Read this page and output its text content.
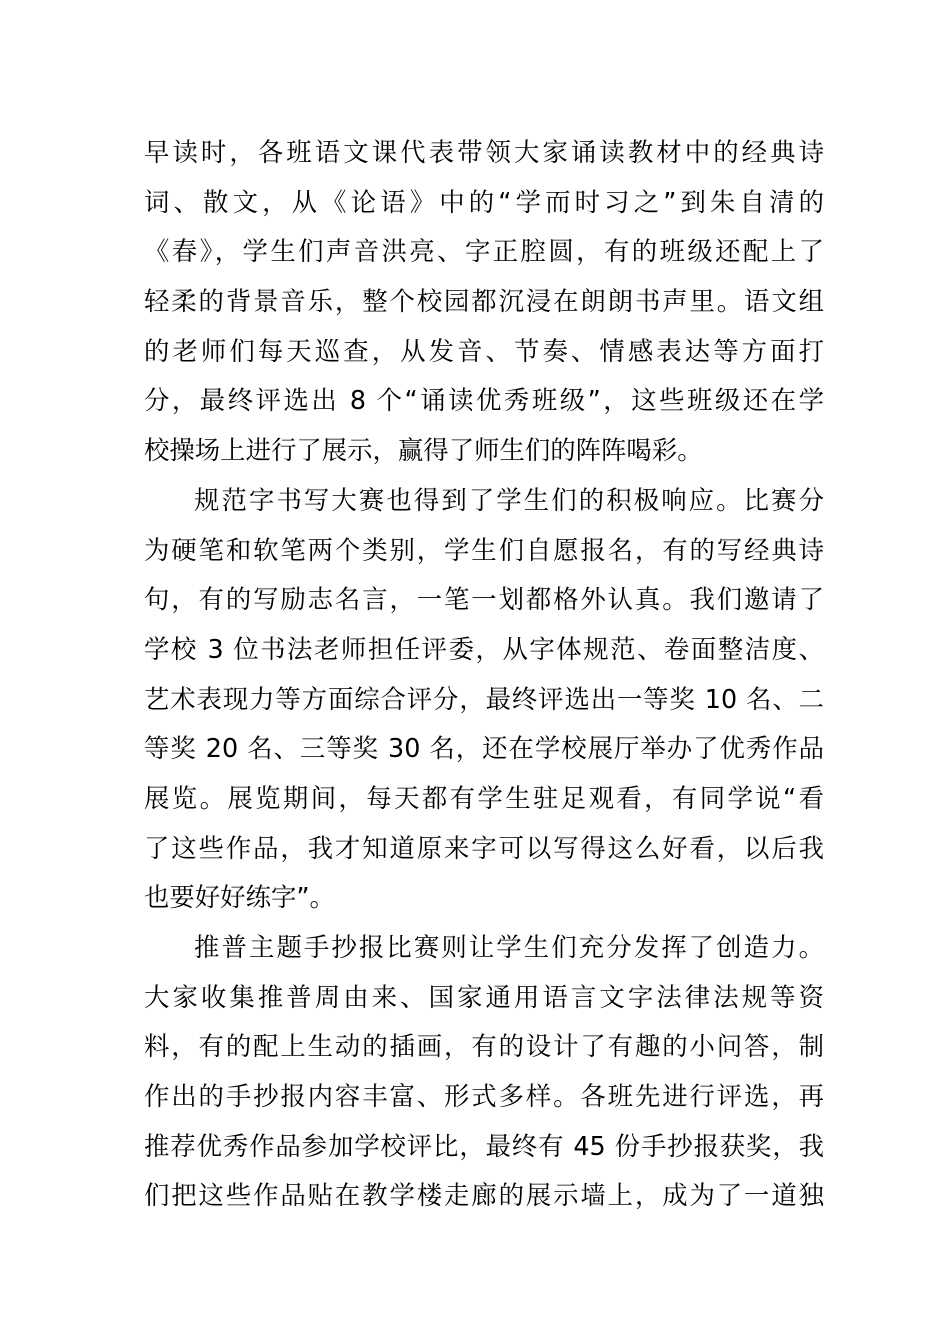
早读时，各班语文课代表带领大家诵读教材中的经典诗
词、散文，从《论语》中的“学而时习之”到朱自清的
《春》，学生们声音洪亮、字正腔圆，有的班级还配上了
轻柔的背景音乐，整个校园都沉浸在朗朗书声里。语文组
的老师们每天巡查，从发音、节奏、情感表达等方面打
分，最终评选出 8 个“诵读优秀班级”，这些班级还在学
校操场上进行了展示，赢得了师生们的阵阵喝彩。
规范字书写大赛也得到了学生们的积极响应。比赛分
为硬笔和软笔两个类别，学生们自愿报名，有的写经典诗
句，有的写励志名言，一笔一划都格外认真。我们邀请了
学校 3 位书法老师担任评委，从字体规范、卷面整洁度、
艺术表现力等方面综合评分，最终评选出一等奖 10 名、二
等奖 20 名、三等奖 30 名，还在学校展厅举办了优秀作品
展览。展览期间，每天都有学生驻足观看，有同学说“看
了这些作品，我才知道原来字可以写得这么好看，以后我
也要好好练字”。
推普主题手抄报比赛则让学生们充分发挥了创造力。
大家收集推普周由来、国家通用语言文字法律法规等资
料，有的配上生动的插画，有的设计了有趣的小问答，制
作出的手抄报内容丰富、形式多样。各班先进行评选，再
推荐优秀作品参加学校评比，最终有 45 份手抄报获奖，我
们把这些作品贴在教学楼走廊的展示墙上，成为了一道独
